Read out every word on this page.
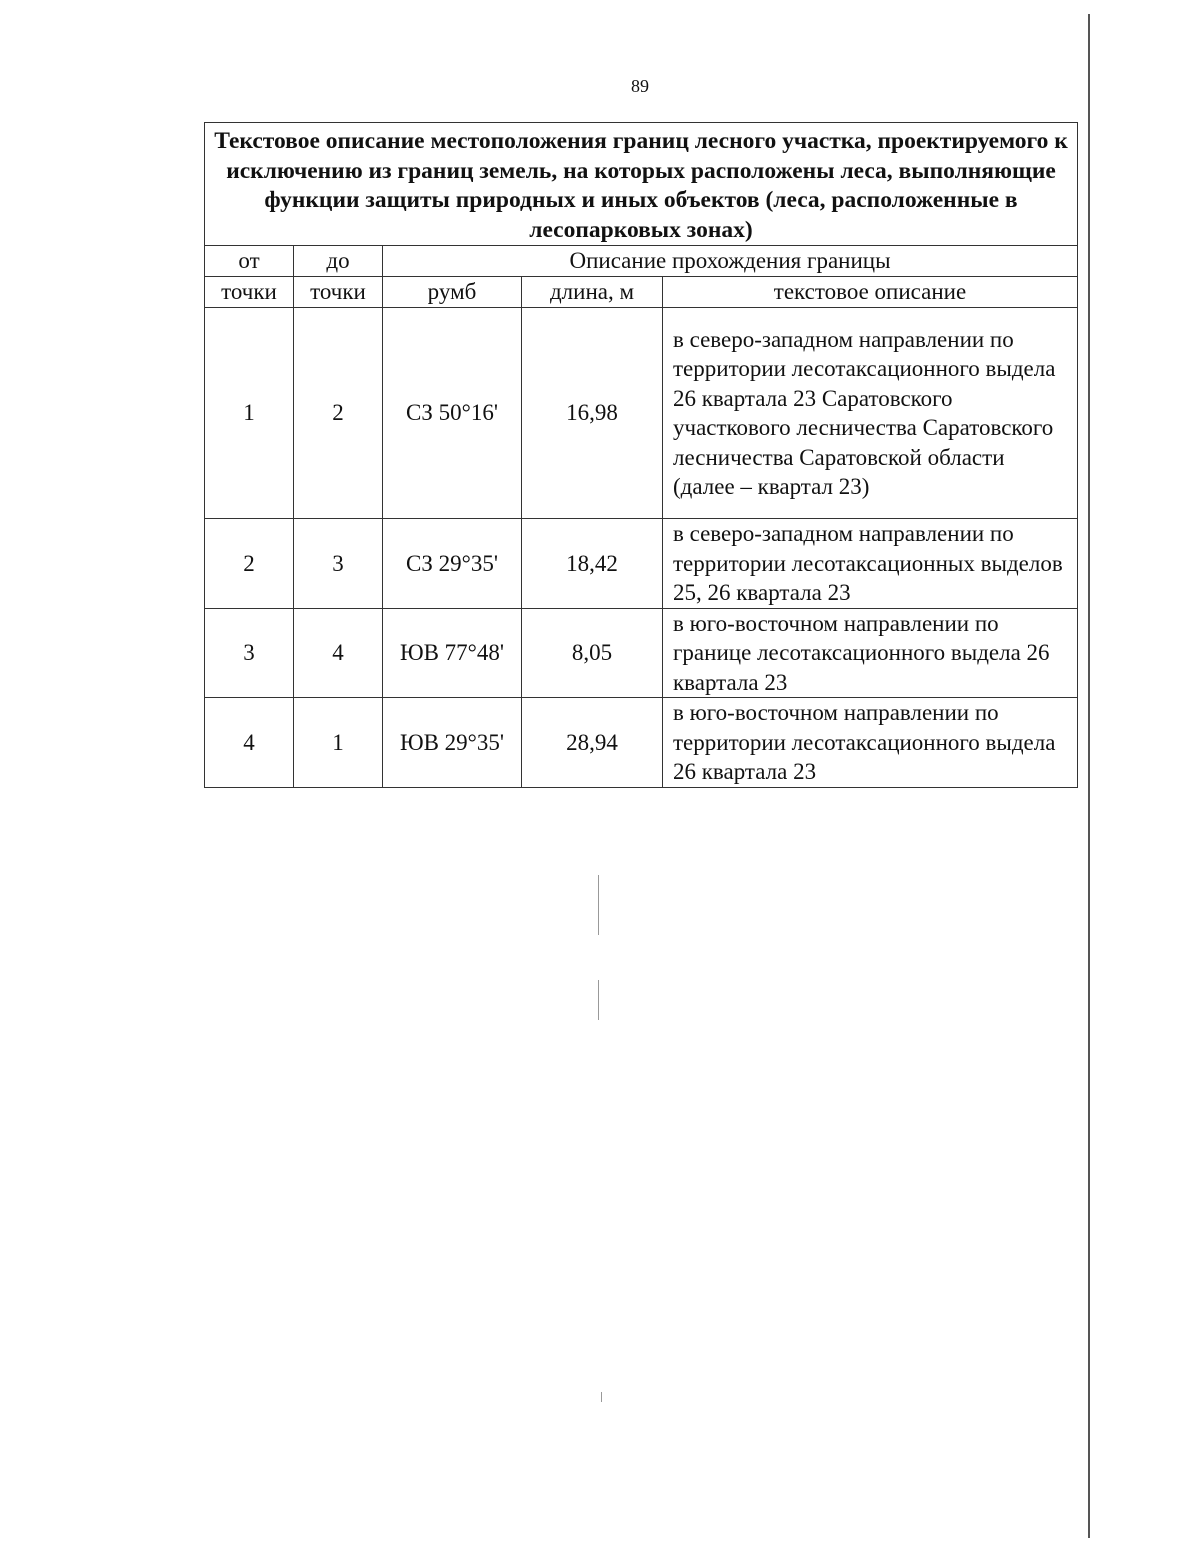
89
Текстовое описание местоположения границ лесного участка, проектируемого к исключению из границ земель, на которых расположены леса, выполняющие функции защиты природных и иных объектов (леса, расположенные в лесопарковых зонах)				
от	до	Описание прохождения границы		
точки	точки	румб	длина, м	текстовое описание
1	2	СЗ 50°16'	16,98	в северо-западном направлении по территории лесотаксационного выдела 26 квартала 23 Саратовского участкового лесничества Саратовского лесничества Саратовской области (далее – квартал 23)
2	3	СЗ 29°35'	18,42	в северо-западном направлении по территории лесотаксационных выделов 25, 26 квартала 23
3	4	ЮВ 77°48'	8,05	в юго-восточном направлении по границе лесотаксационного выдела 26 квартала 23
4	1	ЮВ 29°35'	28,94	в юго-восточном направлении по территории лесотаксационного выдела 26 квартала 23
